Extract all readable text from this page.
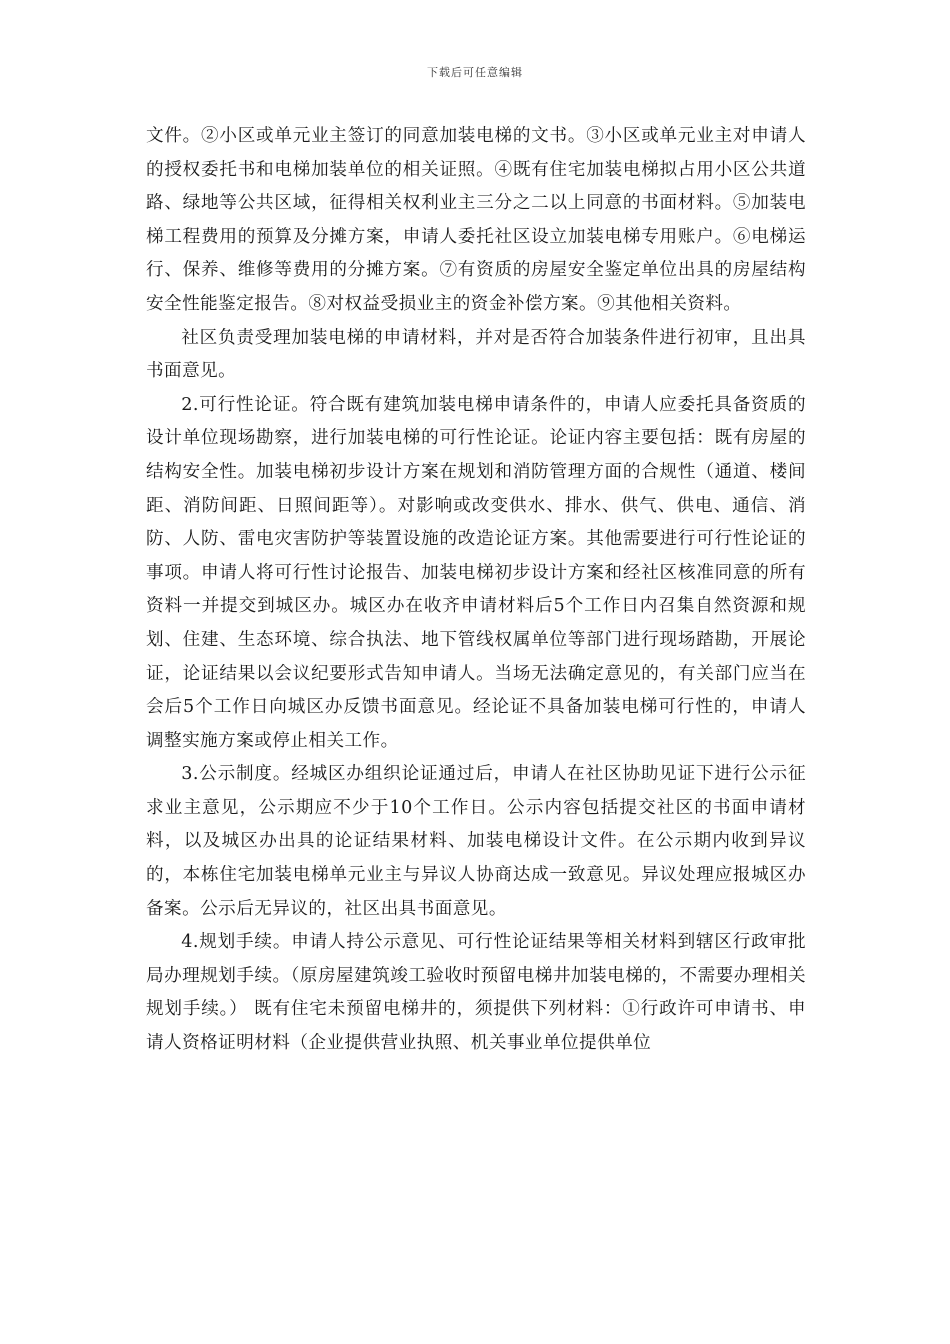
下载后可任意编辑

文件。②小区或单元业主签订的同意加装电梯的文书。③小区或单元业主对申请人的授权委托书和电梯加装单位的相关证照。④既有住宅加装电梯拟占用小区公共道路、绿地等公共区域，征得相关权利业主三分之二以上同意的书面材料。⑤加装电梯工程费用的预算及分摊方案，申请人委托社区设立加装电梯专用账户。⑥电梯运行、保养、维修等费用的分摊方案。⑦有资质的房屋安全鉴定单位出具的房屋结构安全性能鉴定报告。⑧对权益受损业主的资金补偿方案。⑨其他相关资料。

社区负责受理加装电梯的申请材料，并对是否符合加装条件进行初审，且出具书面意见。

2.可行性论证。符合既有建筑加装电梯申请条件的，申请人应委托具备资质的设计单位现场勘察，进行加装电梯的可行性论证。论证内容主要包括：既有房屋的结构安全性。加装电梯初步设计方案在规划和消防管理方面的合规性（通道、楼间距、消防间距、日照间距等）。对影响或改变供水、排水、供气、供电、通信、消防、人防、雷电灾害防护等装置设施的改造论证方案。其他需要进行可行性论证的事项。申请人将可行性讨论报告、加装电梯初步设计方案和经社区核准同意的所有资料一并提交到城区办。城区办在收齐申请材料后5个工作日内召集自然资源和规划、住建、生态环境、综合执法、地下管线权属单位等部门进行现场踏勘，开展论证，论证结果以会议纪要形式告知申请人。当场无法确定意见的，有关部门应当在会后5个工作日向城区办反馈书面意见。经论证不具备加装电梯可行性的，申请人调整实施方案或停止相关工作。

3.公示制度。经城区办组织论证通过后，申请人在社区协助见证下进行公示征求业主意见，公示期应不少于10个工作日。公示内容包括提交社区的书面申请材料，以及城区办出具的论证结果材料、加装电梯设计文件。在公示期内收到异议的，本栋住宅加装电梯单元业主与异议人协商达成一致意见。异议处理应报城区办备案。公示后无异议的，社区出具书面意见。

4.规划手续。申请人持公示意见、可行性论证结果等相关材料到辖区行政审批局办理规划手续。（原房屋建筑竣工验收时预留电梯井加装电梯的，不需要办理相关规划手续。） 既有住宅未预留电梯井的，须提供下列材料：①行政许可申请书、申请人资格证明材料（企业提供营业执照、机关事业单位提供单位
